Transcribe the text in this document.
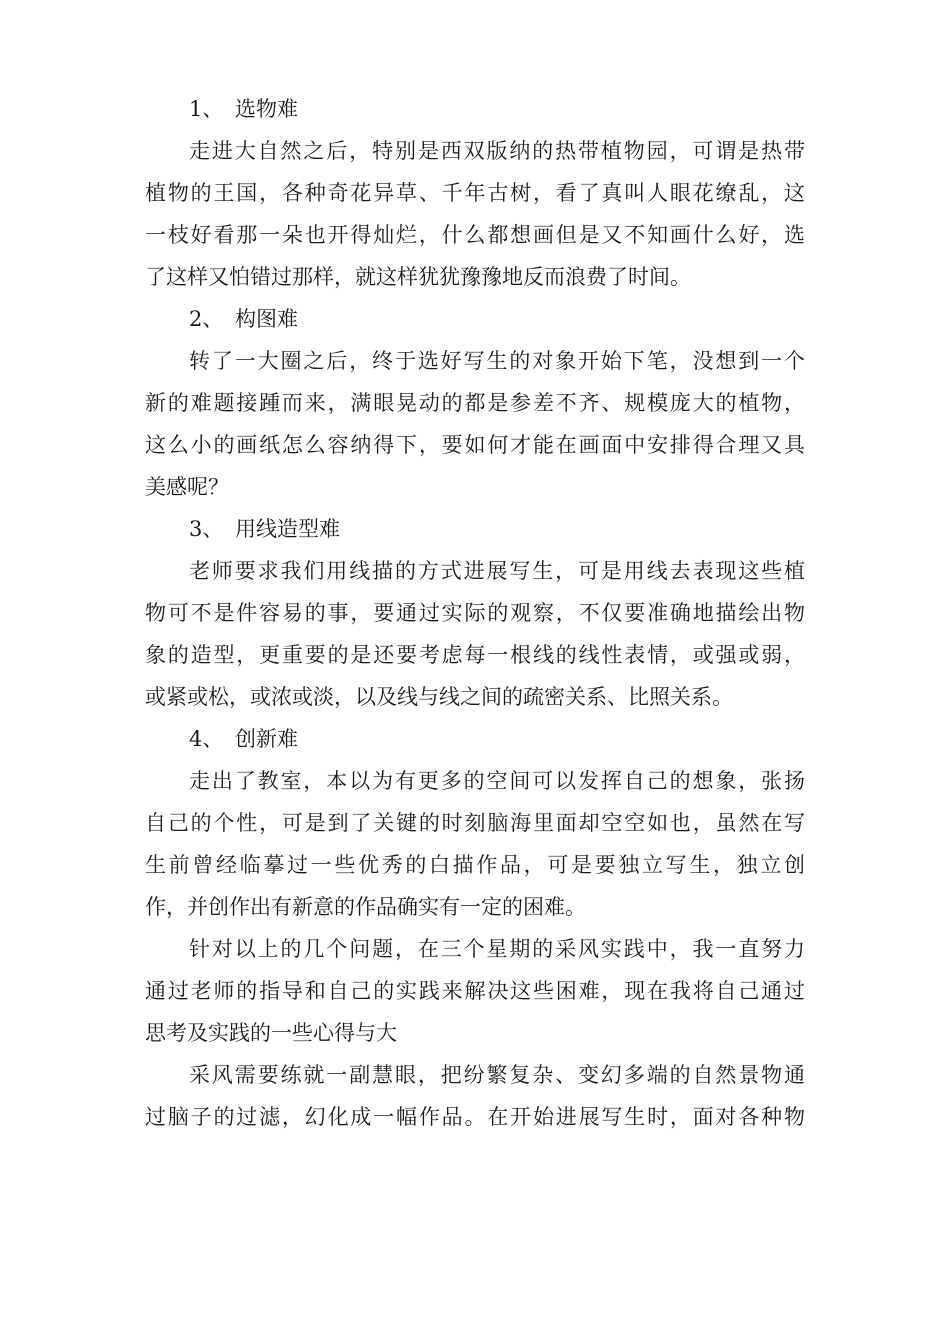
1、 选物难
走进大自然之后，特别是西双版纳的热带植物园，可谓是热带
植物的王国，各种奇花异草、千年古树，看了真叫人眼花缭乱，这
一枝好看那一朵也开得灿烂，什么都想画但是又不知画什么好，选
了这样又怕错过那样，就这样犹犹豫豫地反而浪费了时间。
2、 构图难
转了一大圈之后，终于选好写生的对象开始下笔，没想到一个
新的难题接踵而来，满眼晃动的都是参差不齐、规模庞大的植物，
这么小的画纸怎么容纳得下，要如何才能在画面中安排得合理又具
美感呢？
3、 用线造型难
老师要求我们用线描的方式进展写生，可是用线去表现这些植
物可不是件容易的事，要通过实际的观察，不仅要准确地描绘出物
象的造型，更重要的是还要考虑每一根线的线性表情，或强或弱，
或紧或松，或浓或淡，以及线与线之间的疏密关系、比照关系。
4、 创新难
走出了教室，本以为有更多的空间可以发挥自己的想象，张扬
自己的个性，可是到了关键的时刻脑海里面却空空如也，虽然在写
生前曾经临摹过一些优秀的白描作品，可是要独立写生，独立创
作，并创作出有新意的作品确实有一定的困难。
针对以上的几个问题，在三个星期的采风实践中，我一直努力
通过老师的指导和自己的实践来解决这些困难，现在我将自己通过
思考及实践的一些心得与大
采风需要练就一副慧眼，把纷繁复杂、变幻多端的自然景物通
过脑子的过滤，幻化成一幅作品。在开始进展写生时，面对各种物
